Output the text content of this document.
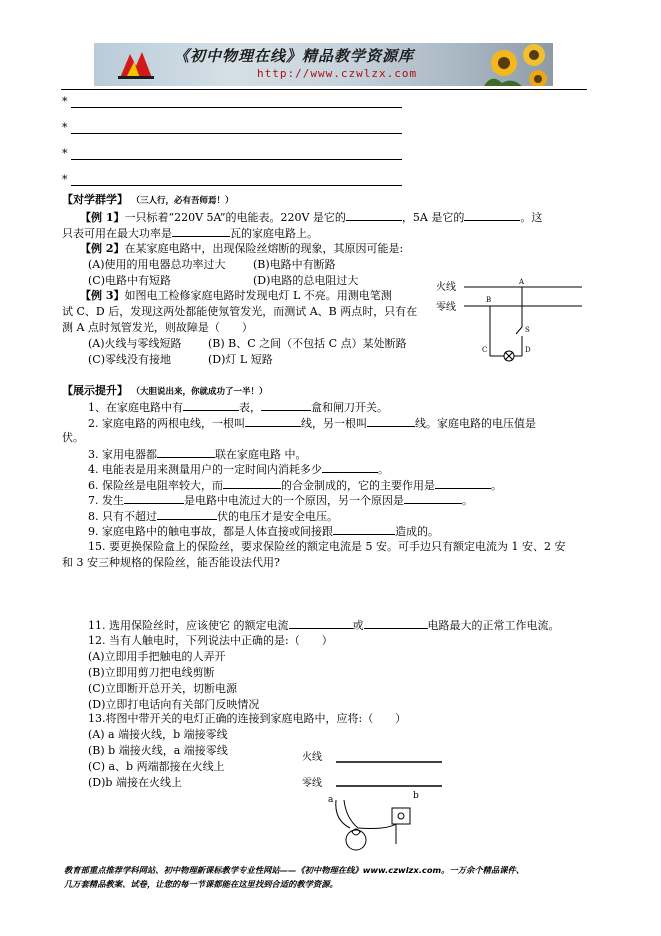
《初中物理在线》精品教学资源库
http://www.czwlzx.com
*
*
*
*
【对学群学】 （三人行，必有吾师焉！）
【例 1】一只标着“220V 5A”的电能表。220V 是它的	，5A 是它的	。这
只表可用在最大功率是	瓦的家庭电路上。
【例 2】在某家庭电路中，出现保险丝熔断的现象，其原因可能是:
(A)使用的用电器总功率过大 (B)电路中有断路
(C)电路中有短路	(D)电路的总电阻过大
【例 3】如图电工检修家庭电路时发现电灯 L 不亮。用测电笔测
试 C、D 后，发现这两处都能使氖管发光，而测试 A、B 两点时，只有在
测 A 点时氖管发光，则故障是（　　）
(A)火线与零线短路 (B) B、C 之间（不包括 C 点）某处断路
(C)零线没有接地	(D)灯 L 短路
火线
零线
A
B
S
C	D
【展示提升】 （大胆说出来，你就成功了一半！）
1、在家庭电路中有	表，	盒和闸刀开关。
2. 家庭电路的两根电线，一根叫	线，另一根叫	线。家庭电路的电压值是
伏。
3. 家用电器都	联在家庭电路 中。
4. 电能表是用来测量用户的一定时间内消耗多少	。
6. 保险丝是电阻率较大，而	的合金制成的，它的主要作用是	。
7. 发生	是电路中电流过大的一个原因，另一个原因是	。
8. 只有不超过	伏的电压才是安全电压。
9. 家庭电路中的触电事故，都是人体直接或间接跟	造成的。
15. 要更换保险盒上的保险丝，要求保险丝的额定电流是 5 安。可手边只有额定电流为 1 安、2 安
和 3 安三种规格的保险丝，能否能设法代用?
11. 选用保险丝时，应该使它 的额定电流	或	电路最大的正常工作电流。
12. 当有人触电时，下列说法中正确的是:（　　）
(A)立即用手把触电的人弄开
(B)立即用剪刀把电线剪断
(C)立即断开总开关，切断电源
(D)立即打电话向有关部门反映情况
13.将图中带开关的电灯正确的连接到家庭电路中，应将:（　　）
(A) a 端接火线，b 端接零线
(B) b 端接火线，a 端接零线
(C) a、b 两端都接在火线上
(D)b 端接在火线上
火线
零线
a	b
教育部重点推荐学科网站、初中物理新课标教学专业性网站——《初中物理在线》www.czwlzx.com。一万余个精品课件、
几万套精品教案、试卷，让您的每一节课都能在这里找到合适的教学资源。
